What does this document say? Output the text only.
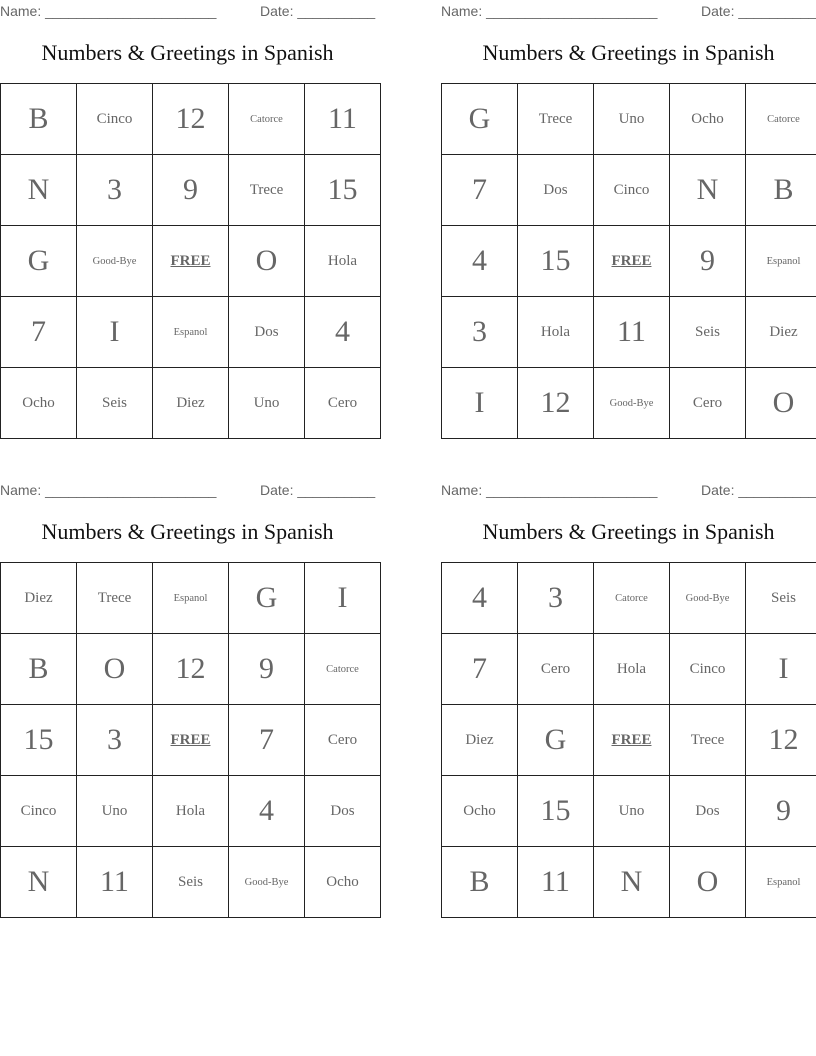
Name: ______________________	Date: __________
Numbers & Greetings in Spanish
B	Cinco	12	Catorce	11
N	3	9	Trece	15
G	Good-Bye	FREE	O	Hola
7	I	Espanol	Dos	4
Ocho	Seis	Diez	Uno	Cero
Name: ______________________	Date: __________
Numbers & Greetings in Spanish
G	Trece	Uno	Ocho	Catorce
7	Dos	Cinco	N	B
4	15	FREE	9	Espanol
3	Hola	11	Seis	Diez
I	12	Good-Bye	Cero	O
Name: ______________________	Date: __________
Numbers & Greetings in Spanish
Diez	Trece	Espanol	G	I
B	O	12	9	Catorce
15	3	FREE	7	Cero
Cinco	Uno	Hola	4	Dos
N	11	Seis	Good-Bye	Ocho
Name: ______________________	Date: __________
Numbers & Greetings in Spanish
4	3	Catorce	Good-Bye	Seis
7	Cero	Hola	Cinco	I
Diez	G	FREE	Trece	12
Ocho	15	Uno	Dos	9
B	11	N	O	Espanol
